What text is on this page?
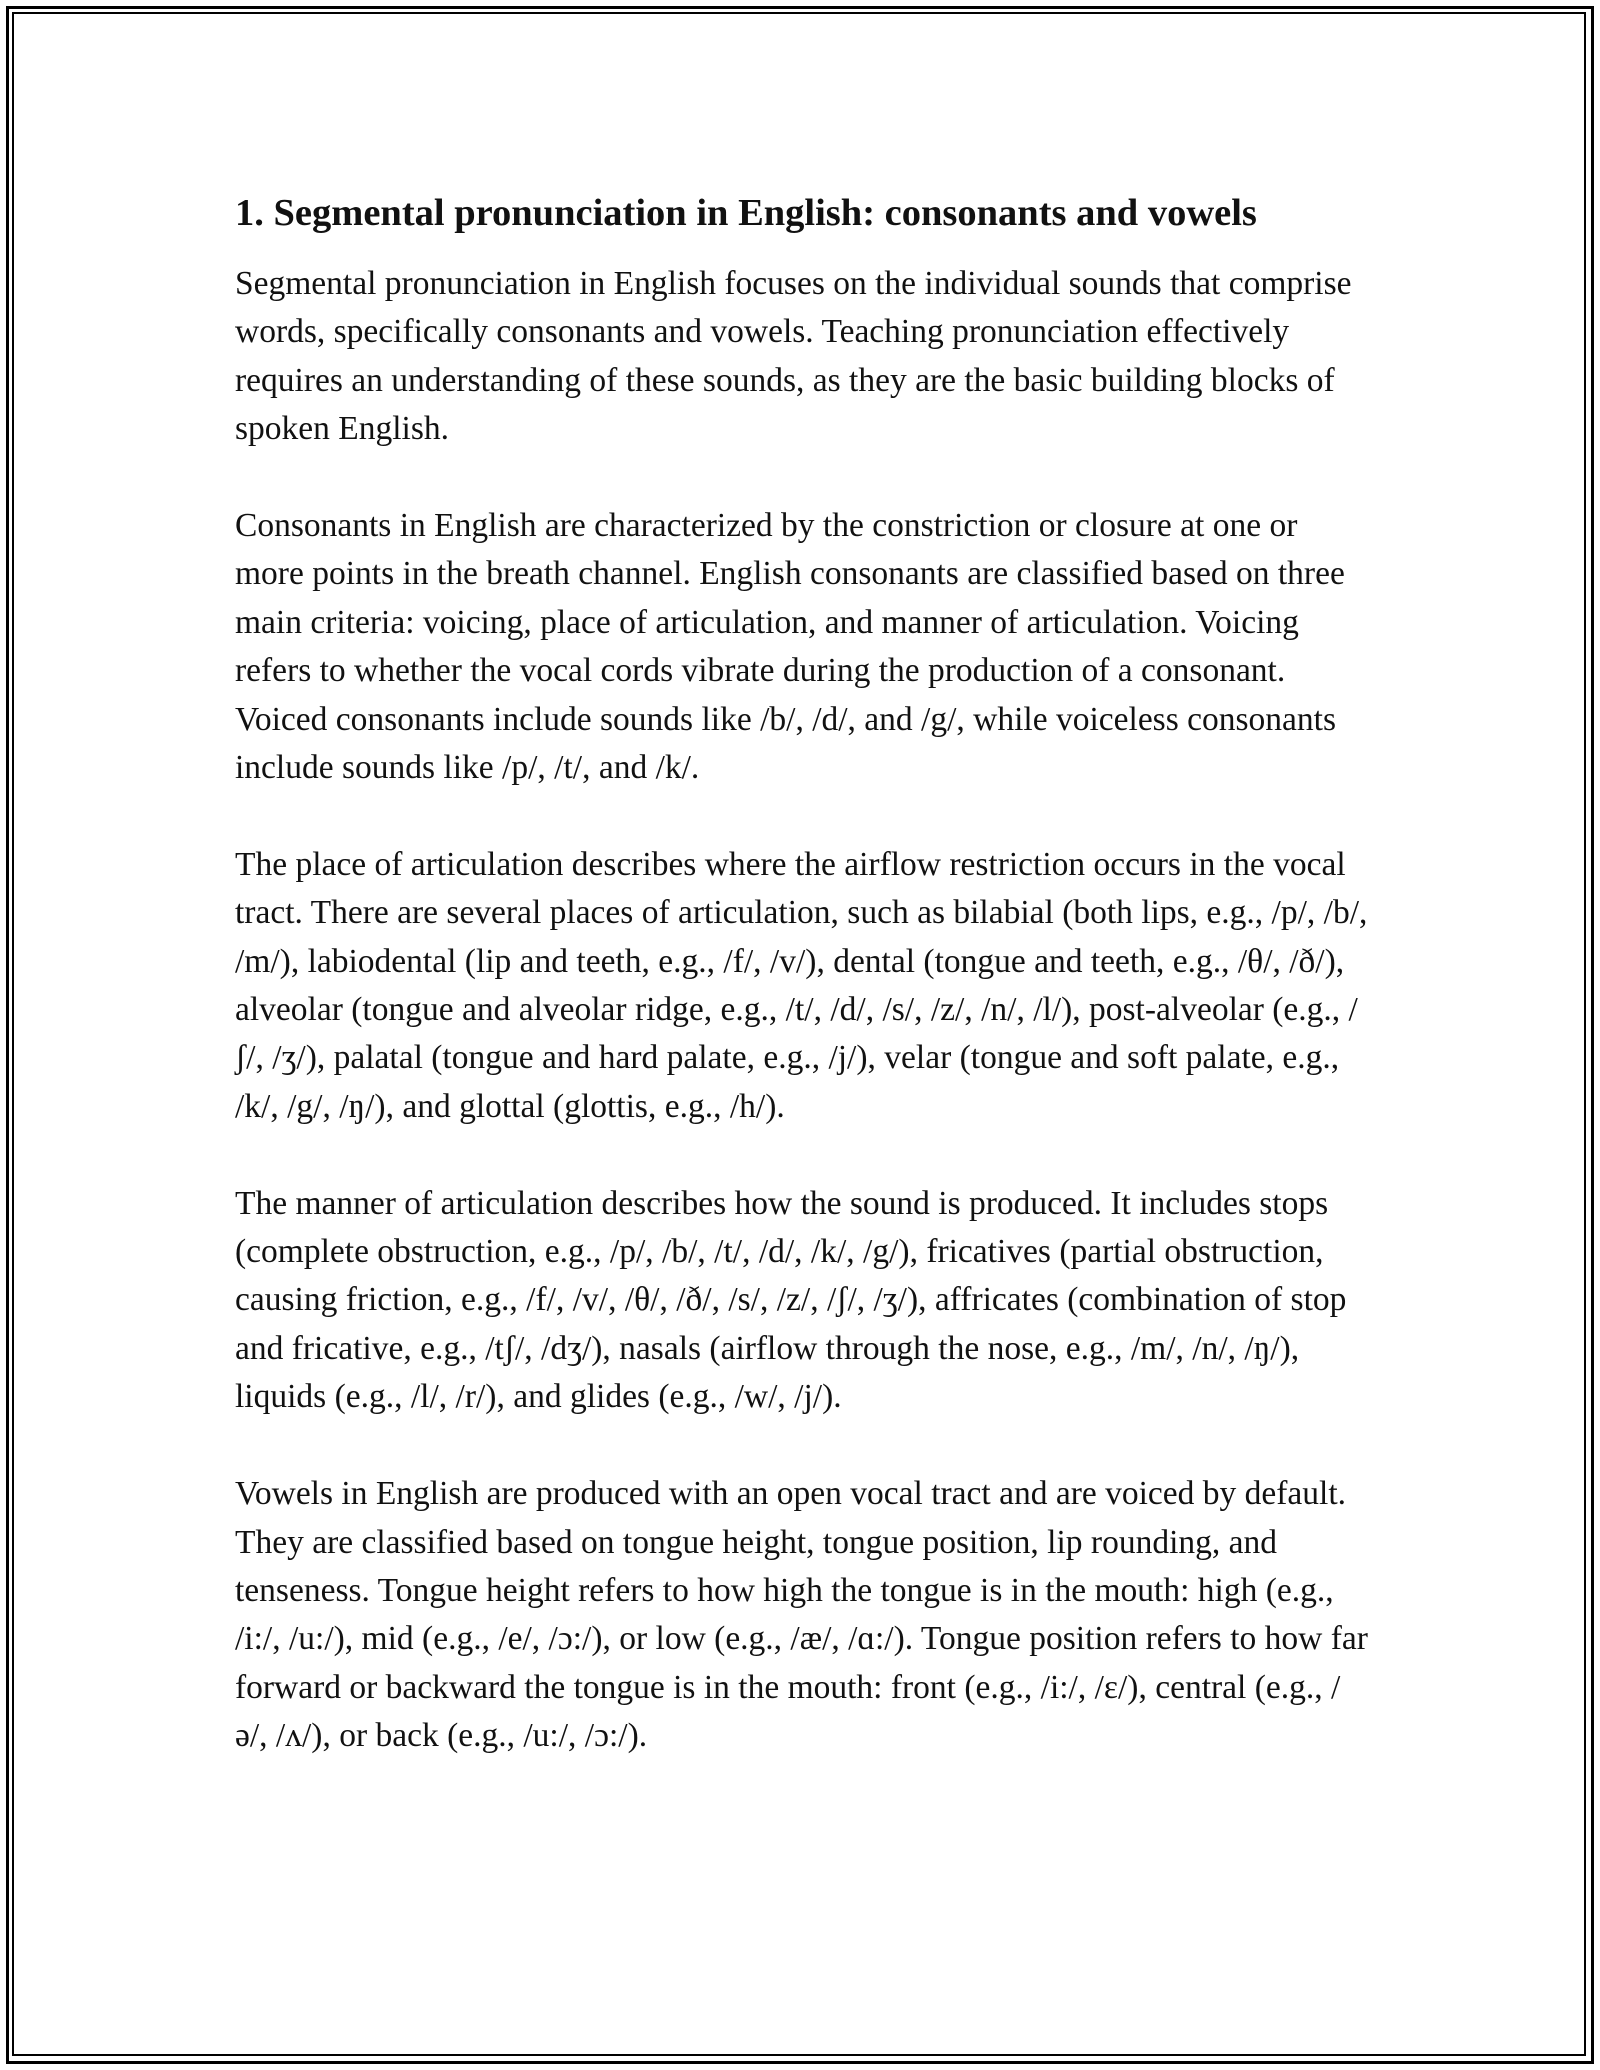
1. Segmental pronunciation in English: consonants and vowels

Segmental pronunciation in English focuses on the individual sounds that comprise words, specifically consonants and vowels. Teaching pronunciation effectively requires an understanding of these sounds, as they are the basic building blocks of spoken English.

Consonants in English are characterized by the constriction or closure at one or more points in the breath channel. English consonants are classified based on three main criteria: voicing, place of articulation, and manner of articulation. Voicing refers to whether the vocal cords vibrate during the production of a consonant. Voiced consonants include sounds like /b/, /d/, and /g/, while voiceless consonants include sounds like /p/, /t/, and /k/.

The place of articulation describes where the airflow restriction occurs in the vocal tract. There are several places of articulation, such as bilabial (both lips, e.g., /p/, /b/, /m/), labiodental (lip and teeth, e.g., /f/, /v/), dental (tongue and teeth, e.g., /θ/, /ð/), alveolar (tongue and alveolar ridge, e.g., /t/, /d/, /s/, /z/, /n/, /l/), post-alveolar (e.g., /ʃ/, /ʒ/), palatal (tongue and hard palate, e.g., /j/), velar (tongue and soft palate, e.g., /k/, /g/, /ŋ/), and glottal (glottis, e.g., /h/).

The manner of articulation describes how the sound is produced. It includes stops (complete obstruction, e.g., /p/, /b/, /t/, /d/, /k/, /g/), fricatives (partial obstruction, causing friction, e.g., /f/, /v/, /θ/, /ð/, /s/, /z/, /ʃ/, /ʒ/), affricates (combination of stop and fricative, e.g., /tʃ/, /dʒ/), nasals (airflow through the nose, e.g., /m/, /n/, /ŋ/), liquids (e.g., /l/, /r/), and glides (e.g., /w/, /j/).

Vowels in English are produced with an open vocal tract and are voiced by default. They are classified based on tongue height, tongue position, lip rounding, and tenseness. Tongue height refers to how high the tongue is in the mouth: high (e.g., /i:/, /u:/), mid (e.g., /e/, /ɔ:/), or low (e.g., /æ/, /ɑ:/). Tongue position refers to how far forward or backward the tongue is in the mouth: front (e.g., /i:/, /ɛ/), central (e.g., /ə/, /ʌ/), or back (e.g., /u:/, /ɔ:/).
